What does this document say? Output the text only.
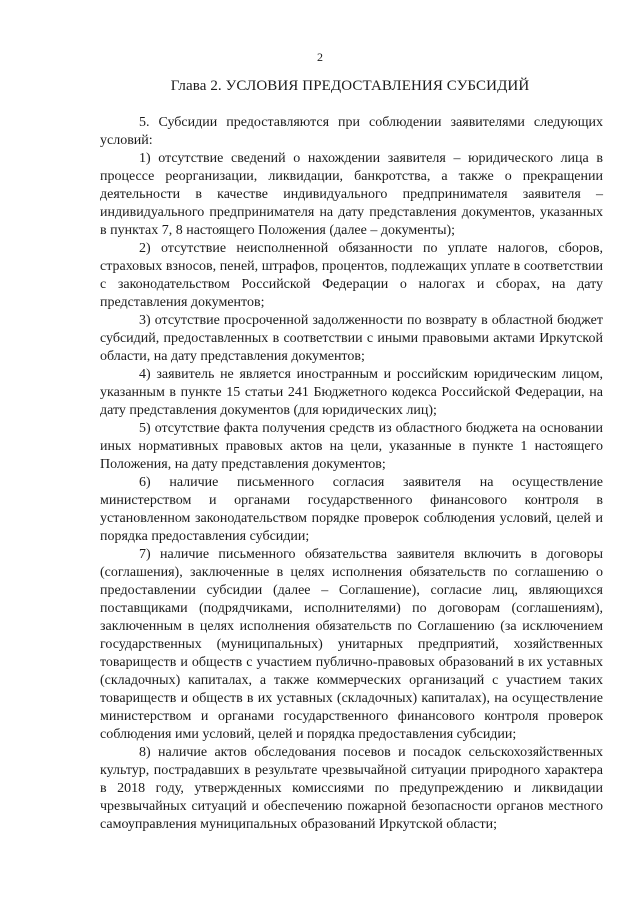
2
Глава 2. УСЛОВИЯ ПРЕДОСТАВЛЕНИЯ СУБСИДИЙ

5. Субсидии предоставляются при соблюдении заявителями следующих условий:

1) отсутствие сведений о нахождении заявителя – юридического лица в процессе реорганизации, ликвидации, банкротства, а также о прекращении деятельности в качестве индивидуального предпринимателя заявителя – индивидуального предпринимателя на дату представления документов, указанных в пунктах 7, 8 настоящего Положения (далее – документы);

2) отсутствие неисполненной обязанности по уплате налогов, сборов, страховых взносов, пеней, штрафов, процентов, подлежащих уплате в соответствии с законодательством Российской Федерации о налогах и сборах, на дату представления документов;

3) отсутствие просроченной задолженности по возврату в областной бюджет субсидий, предоставленных в соответствии с иными правовыми актами Иркутской области, на дату представления документов;

4) заявитель не является иностранным и российским юридическим лицом, указанным в пункте 15 статьи 241 Бюджетного кодекса Российской Федерации, на дату представления документов (для юридических лиц);

5) отсутствие факта получения средств из областного бюджета на основании иных нормативных правовых актов на цели, указанные в пункте 1 настоящего Положения, на дату представления документов;

6) наличие письменного согласия заявителя на осуществление министерством и органами государственного финансового контроля в установленном законодательством порядке проверок соблюдения условий, целей и порядка предоставления субсидии;

7) наличие письменного обязательства заявителя включить в договоры (соглашения), заключенные в целях исполнения обязательств по соглашению о предоставлении субсидии (далее – Соглашение), согласие лиц, являющихся поставщиками (подрядчиками, исполнителями) по договорам (соглашениям), заключенным в целях исполнения обязательств по Соглашению (за исключением государственных (муниципальных) унитарных предприятий, хозяйственных товариществ и обществ с участием публично-правовых образований в их уставных (складочных) капиталах, а также коммерческих организаций с участием таких товариществ и обществ в их уставных (складочных) капиталах), на осуществление министерством и органами государственного финансового контроля проверок соблюдения ими условий, целей и порядка предоставления субсидии;

8) наличие актов обследования посевов и посадок сельскохозяйственных культур, пострадавших в результате чрезвычайной ситуации природного характера в 2018 году, утвержденных комиссиями по предупреждению и ликвидации чрезвычайных ситуаций и обеспечению пожарной безопасности органов местного самоуправления муниципальных образований Иркутской области;
